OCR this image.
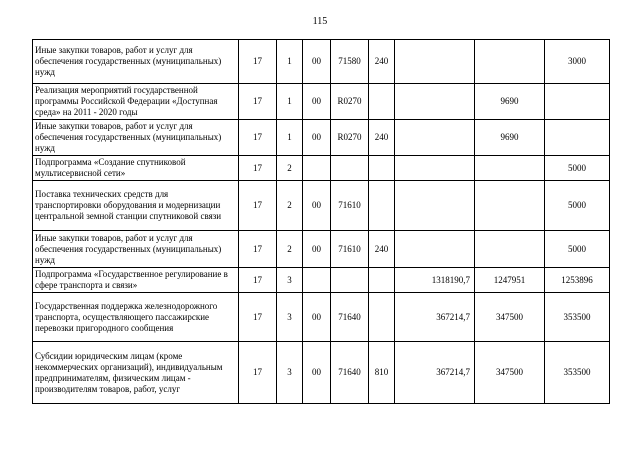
115
Иные закупки товаров, работ и услуг для обеспечения государственных (муниципальных) нужд	17	1	00	71580	240			3000
Реализация мероприятий государственной программы Российской Федерации «Доступная среда» на 2011 - 2020 годы	17	1	00	R0270			9690	
Иные закупки товаров, работ и услуг для обеспечения государственных (муниципальных) нужд	17	1	00	R0270	240		9690	
Подпрограмма «Создание спутниковой мультисервисной сети»	17	2						5000
Поставка технических средств для транспортировки оборудования и модернизации центральной земной станции спутниковой связи	17	2	00	71610				5000
Иные закупки товаров, работ и услуг для обеспечения государственных (муниципальных) нужд	17	2	00	71610	240			5000
Подпрограмма «Государственное регулирование в сфере транспорта и связи»	17	3				1318190,7	1247951	1253896
Государственная поддержка железнодорожного транспорта, осуществляющего пассажирские перевозки пригородного сообщения	17	3	00	71640		367214,7	347500	353500
Субсидии юридическим лицам (кроме некоммерческих организаций), индивидуальным предпринимателям, физическим лицам - производителям товаров, работ, услуг	17	3	00	71640	810	367214,7	347500	353500
